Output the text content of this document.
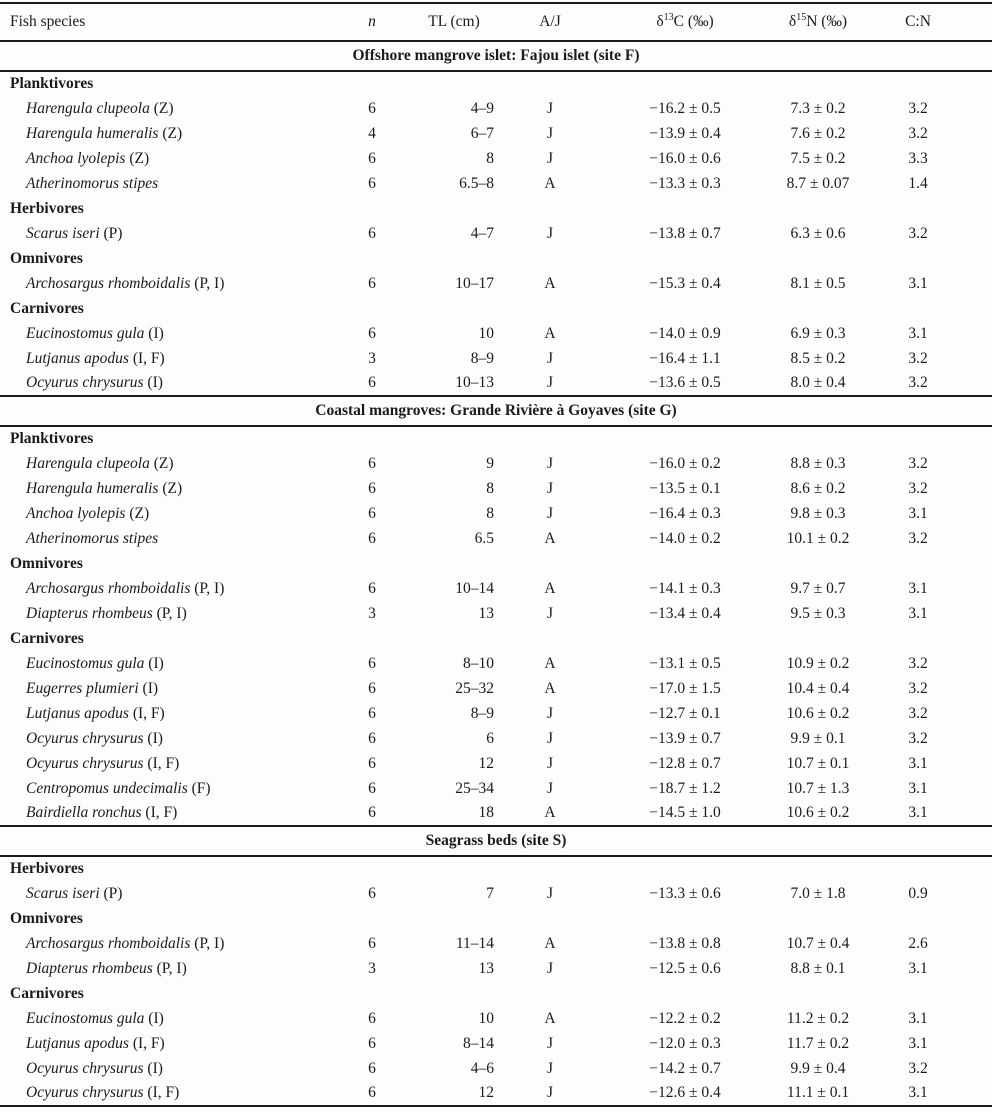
Fish species	n	TL (cm)	A/J	$\delta^{13}C$ (‰)	$\delta^{15}N$ (‰)	C:N	
Offshore mangrove islet: Fajou islet (site F)							
Planktivores							
Harengula clupeola (Z)	6	4–9	J	−16.2 ± 0.5	7.3 ± 0.2	3.2	
Harengula humeralis (Z)	4	6–7	J	−13.9 ± 0.4	7.6 ± 0.2	3.2	
Anchoa lyolepis (Z)	6	8	J	−16.0 ± 0.6	7.5 ± 0.2	3.3	
Atherinomorus stipes	6	6.5–8	A	−13.3 ± 0.3	8.7 ± 0.07	1.4	
Herbivores							
Scarus iseri (P)	6	4–7	J	−13.8 ± 0.7	6.3 ± 0.6	3.2	
Omnivores							
Archosargus rhomboidalis (P, I)	6	10–17	A	−15.3 ± 0.4	8.1 ± 0.5	3.1	
Carnivores							
Eucinostomus gula (I)	6	10	A	−14.0 ± 0.9	6.9 ± 0.3	3.1	
Lutjanus apodus (I, F)	3	8–9	J	−16.4 ± 1.1	8.5 ± 0.2	3.2	
Ocyurus chrysurus (I)	6	10–13	J	−13.6 ± 0.5	8.0 ± 0.4	3.2	
Coastal mangroves: Grande Rivière à Goyaves (site G)							
Planktivores							
Harengula clupeola (Z)	6	9	J	−16.0 ± 0.2	8.8 ± 0.3	3.2	
Harengula humeralis (Z)	6	8	J	−13.5 ± 0.1	8.6 ± 0.2	3.2	
Anchoa lyolepis (Z)	6	8	J	−16.4 ± 0.3	9.8 ± 0.3	3.1	
Atherinomorus stipes	6	6.5	A	−14.0 ± 0.2	10.1 ± 0.2	3.2	
Omnivores							
Archosargus rhomboidalis (P, I)	6	10–14	A	−14.1 ± 0.3	9.7 ± 0.7	3.1	
Diapterus rhombeus (P, I)	3	13	J	−13.4 ± 0.4	9.5 ± 0.3	3.1	
Carnivores							
Eucinostomus gula (I)	6	8–10	A	−13.1 ± 0.5	10.9 ± 0.2	3.2	
Eugerres plumieri (I)	6	25–32	A	−17.0 ± 1.5	10.4 ± 0.4	3.2	
Lutjanus apodus (I, F)	6	8–9	J	−12.7 ± 0.1	10.6 ± 0.2	3.2	
Ocyurus chrysurus (I)	6	6	J	−13.9 ± 0.7	9.9 ± 0.1	3.2	
Ocyurus chrysurus (I, F)	6	12	J	−12.8 ± 0.7	10.7 ± 0.1	3.1	
Centropomus undecimalis (F)	6	25–34	J	−18.7 ± 1.2	10.7 ± 1.3	3.1	
Bairdiella ronchus (I, F)	6	18	A	−14.5 ± 1.0	10.6 ± 0.2	3.1	
Seagrass beds (site S)							
Herbivores							
Scarus iseri (P)	6	7	J	−13.3 ± 0.6	7.0 ± 1.8	0.9	
Omnivores							
Archosargus rhomboidalis (P, I)	6	11–14	A	−13.8 ± 0.8	10.7 ± 0.4	2.6	
Diapterus rhombeus (P, I)	3	13	J	−12.5 ± 0.6	8.8 ± 0.1	3.1	
Carnivores							
Eucinostomus gula (I)	6	10	A	−12.2 ± 0.2	11.2 ± 0.2	3.1	
Lutjanus apodus (I, F)	6	8–14	J	−12.0 ± 0.3	11.7 ± 0.2	3.1	
Ocyurus chrysurus (I)	6	4–6	J	−14.2 ± 0.7	9.9 ± 0.4	3.2	
Ocyurus chrysurus (I, F)	6	12	J	−12.6 ± 0.4	11.1 ± 0.1	3.1	
